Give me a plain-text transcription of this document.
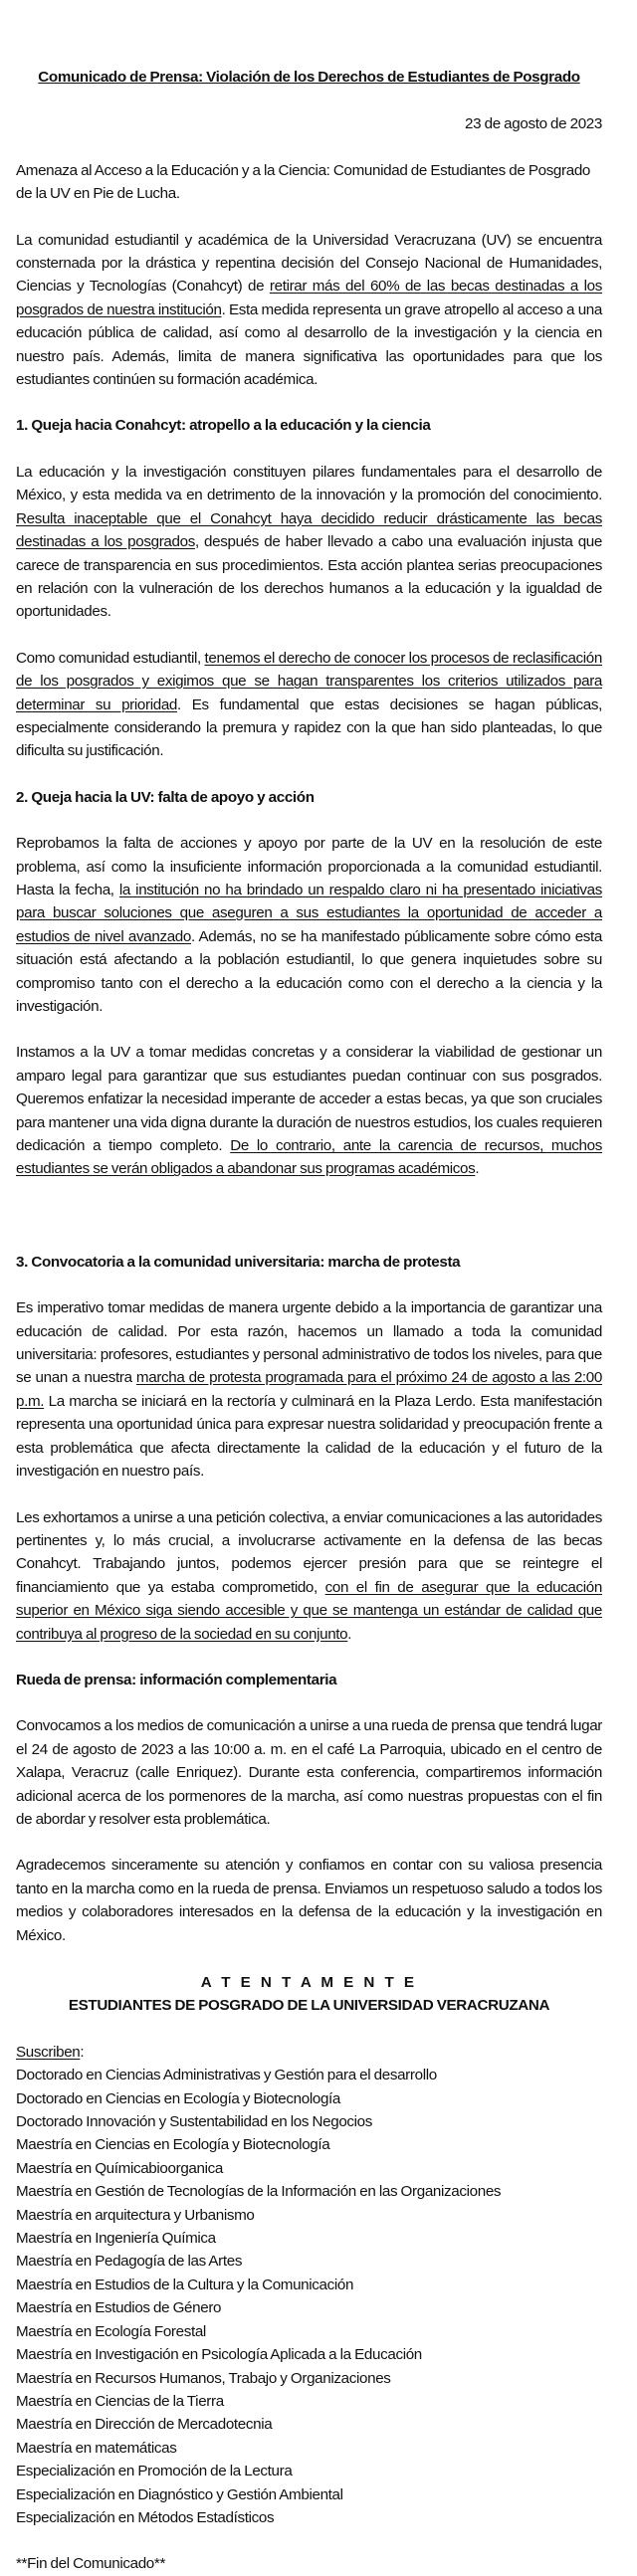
Comunicado de Prensa: Violación de los Derechos de Estudiantes de Posgrado

23 de agosto de 2023

Amenaza al Acceso a la Educación y a la Ciencia: Comunidad de Estudiantes de Posgrado de la UV en Pie de Lucha.

La comunidad estudiantil y académica de la Universidad Veracruzana (UV) se encuentra consternada por la drástica y repentina decisión del Consejo Nacional de Humanidades, Ciencias y Tecnologías (Conahcyt) de retirar más del 60% de las becas destinadas a los posgrados de nuestra institución. Esta medida representa un grave atropello al acceso a una educación pública de calidad, así como al desarrollo de la investigación y la ciencia en nuestro país. Además, limita de manera significativa las oportunidades para que los estudiantes continúen su formación académica.

1. Queja hacia Conahcyt: atropello a la educación y la ciencia

La educación y la investigación constituyen pilares fundamentales para el desarrollo de México, y esta medida va en detrimento de la innovación y la promoción del conocimiento. Resulta inaceptable que el Conahcyt haya decidido reducir drásticamente las becas destinadas a los posgrados, después de haber llevado a cabo una evaluación injusta que carece de transparencia en sus procedimientos. Esta acción plantea serias preocupaciones en relación con la vulneración de los derechos humanos a la educación y la igualdad de oportunidades.

Como comunidad estudiantil, tenemos el derecho de conocer los procesos de reclasificación de los posgrados y exigimos que se hagan transparentes los criterios utilizados para determinar su prioridad. Es fundamental que estas decisiones se hagan públicas, especialmente considerando la premura y rapidez con la que han sido planteadas, lo que dificulta su justificación.

2. Queja hacia la UV: falta de apoyo y acción

Reprobamos la falta de acciones y apoyo por parte de la UV en la resolución de este problema, así como la insuficiente información proporcionada a la comunidad estudiantil. Hasta la fecha, la institución no ha brindado un respaldo claro ni ha presentado iniciativas para buscar soluciones que aseguren a sus estudiantes la oportunidad de acceder a estudios de nivel avanzado. Además, no se ha manifestado públicamente sobre cómo esta situación está afectando a la población estudiantil, lo que genera inquietudes sobre su compromiso tanto con el derecho a la educación como con el derecho a la ciencia y la investigación.

Instamos a la UV a tomar medidas concretas y a considerar la viabilidad de gestionar un amparo legal para garantizar que sus estudiantes puedan continuar con sus posgrados. Queremos enfatizar la necesidad imperante de acceder a estas becas, ya que son cruciales para mantener una vida digna durante la duración de nuestros estudios, los cuales requieren dedicación a tiempo completo. De lo contrario, ante la carencia de recursos, muchos estudiantes se verán obligados a abandonar sus programas académicos.

3. Convocatoria a la comunidad universitaria: marcha de protesta

Es imperativo tomar medidas de manera urgente debido a la importancia de garantizar una educación de calidad. Por esta razón, hacemos un llamado a toda la comunidad universitaria: profesores, estudiantes y personal administrativo de todos los niveles, para que se unan a nuestra marcha de protesta programada para el próximo 24 de agosto a las 2:00 p.m. La marcha se iniciará en la rectoría y culminará en la Plaza Lerdo. Esta manifestación representa una oportunidad única para expresar nuestra solidaridad y preocupación frente a esta problemática que afecta directamente la calidad de la educación y el futuro de la investigación en nuestro país.

Les exhortamos a unirse a una petición colectiva, a enviar comunicaciones a las autoridades pertinentes y, lo más crucial, a involucrarse activamente en la defensa de las becas Conahcyt. Trabajando juntos, podemos ejercer presión para que se reintegre el financiamiento que ya estaba comprometido, con el fin de asegurar que la educación superior en México siga siendo accesible y que se mantenga un estándar de calidad que contribuya al progreso de la sociedad en su conjunto.

Rueda de prensa: información complementaria

Convocamos a los medios de comunicación a unirse a una rueda de prensa que tendrá lugar el 24 de agosto de 2023 a las 10:00 a. m. en el café La Parroquia, ubicado en el centro de Xalapa, Veracruz (calle Enriquez). Durante esta conferencia, compartiremos información adicional acerca de los pormenores de la marcha, así como nuestras propuestas con el fin de abordar y resolver esta problemática.

Agradecemos sinceramente su atención y confiamos en contar con su valiosa presencia tanto en la marcha como en la rueda de prensa. Enviamos un respetuoso saludo a todos los medios y colaboradores interesados en la defensa de la educación y la investigación en México.

A T E N T A M E N T E
ESTUDIANTES DE POSGRADO DE LA UNIVERSIDAD VERACRUZANA

Suscriben:

Doctorado en Ciencias Administrativas y Gestión para el desarrollo
Doctorado en Ciencias en Ecología y Biotecnología
Doctorado Innovación y Sustentabilidad en los Negocios
Maestría en Ciencias en Ecología y Biotecnología
Maestría en Químicabioorganica
Maestría en Gestión de Tecnologías de la Información en las Organizaciones
Maestría en arquitectura y Urbanismo
Maestría en Ingeniería Química
Maestría en Pedagogía de las Artes
Maestría en Estudios de la Cultura y la Comunicación
Maestría en Estudios de Género
Maestría en Ecología Forestal
Maestría en Investigación en Psicología Aplicada a la Educación
Maestría en Recursos Humanos, Trabajo y Organizaciones
Maestría en Ciencias de la Tierra
Maestría en Dirección de Mercadotecnia
Maestría en matemáticas
Especialización en Promoción de la Lectura
Especialización en Diagnóstico y Gestión Ambiental
Especialización en Métodos Estadísticos

**Fin del Comunicado**
